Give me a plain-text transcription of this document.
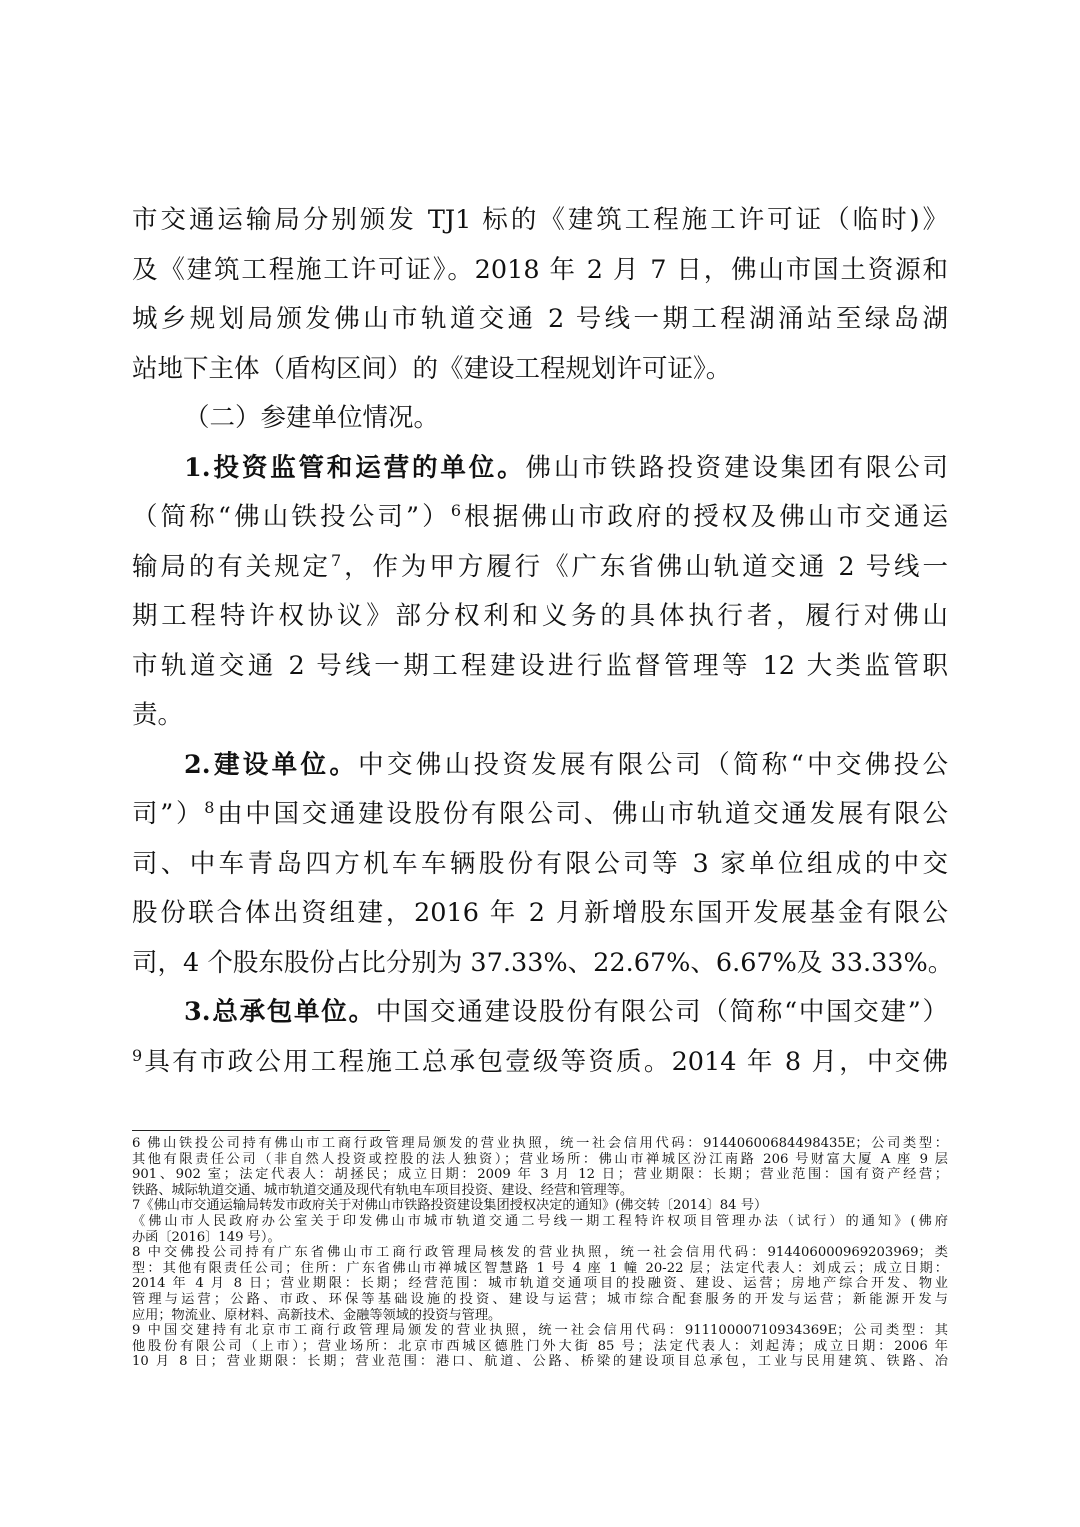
市交通运输局分别颁发 TJ1 标的《建筑工程施工许可证（临时)》
及《建筑工程施工许可证》。2018 年 2 月 7 日，佛山市国土资源和
城乡规划局颁发佛山市轨道交通 2 号线一期工程湖涌站至绿岛湖
站地下主体（盾构区间）的《建设工程规划许可证》。
（二）参建单位情况。
1.投资监管和运营的单位。佛山市铁路投资建设集团有限公司
（简称“佛山铁投公司”）$^6$根据佛山市政府的授权及佛山市交通运
输局的有关规定$^7$，作为甲方履行《广东省佛山轨道交通 2 号线一
期工程特许权协议》部分权利和义务的具体执行者，履行对佛山
市轨道交通 2 号线一期工程建设进行监督管理等 12 大类监管职
责。
2.建设单位。中交佛山投资发展有限公司（简称“中交佛投公
司”）$^8$由中国交通建设股份有限公司、佛山市轨道交通发展有限公
司、中车青岛四方机车车辆股份有限公司等 3 家单位组成的中交
股份联合体出资组建，2016 年 2 月新增股东国开发展基金有限公
司，4 个股东股份占比分别为 37.33%、22.67%、6.67%及 33.33%。
3.总承包单位。中国交通建设股份有限公司（简称“中国交建”）
$^9$具有市政公用工程施工总承包壹级等资质。2014 年 8 月，中交佛
6 佛山铁投公司持有佛山市工商行政管理局颁发的营业执照，统一社会信用代码：91440600684498435E；公司类型：
其他有限责任公司（非自然人投资或控股的法人独资）；营业场所：佛山市禅城区汾江南路 206 号财富大厦 A 座 9 层
901、902 室；法定代表人：胡拯民；成立日期：2009 年 3 月 12 日；营业期限：长期；营业范围：国有资产经营；
铁路、城际轨道交通、城市轨道交通及现代有轨电车项目投资、建设、经营和管理等。
7《佛山市交通运输局转发市政府关于对佛山市铁路投资建设集团授权决定的通知》(佛交转〔2014〕84 号）
《佛山市人民政府办公室关于印发佛山市城市轨道交通二号线一期工程特许权项目管理办法（试行）的通知》(佛府
办函〔2016〕149 号）。
8 中交佛投公司持有广东省佛山市工商行政管理局核发的营业执照，统一社会信用代码：914406000969203969；类
型：其他有限责任公司；住所：广东省佛山市禅城区智慧路 1 号 4 座 1 幢 20-22 层；法定代表人：刘成云；成立日期：
2014 年 4 月 8 日；营业期限：长期；经营范围：城市轨道交通项目的投融资、建设、运营；房地产综合开发、物业
管理与运营；公路、市政、环保等基础设施的投资、建设与运营；城市综合配套服务的开发与运营；新能源开发与
应用；物流业、原材料、高新技术、金融等领域的投资与管理。
9 中国交建持有北京市工商行政管理局颁发的营业执照，统一社会信用代码：91110000710934369E；公司类型：其
他股份有限公司（上市）；营业场所：北京市西城区德胜门外大街 85 号；法定代表人：刘起涛；成立日期：2006 年
10 月 8 日；营业期限：长期；营业范围：港口、航道、公路、桥梁的建设项目总承包，工业与民用建筑、铁路、冶
